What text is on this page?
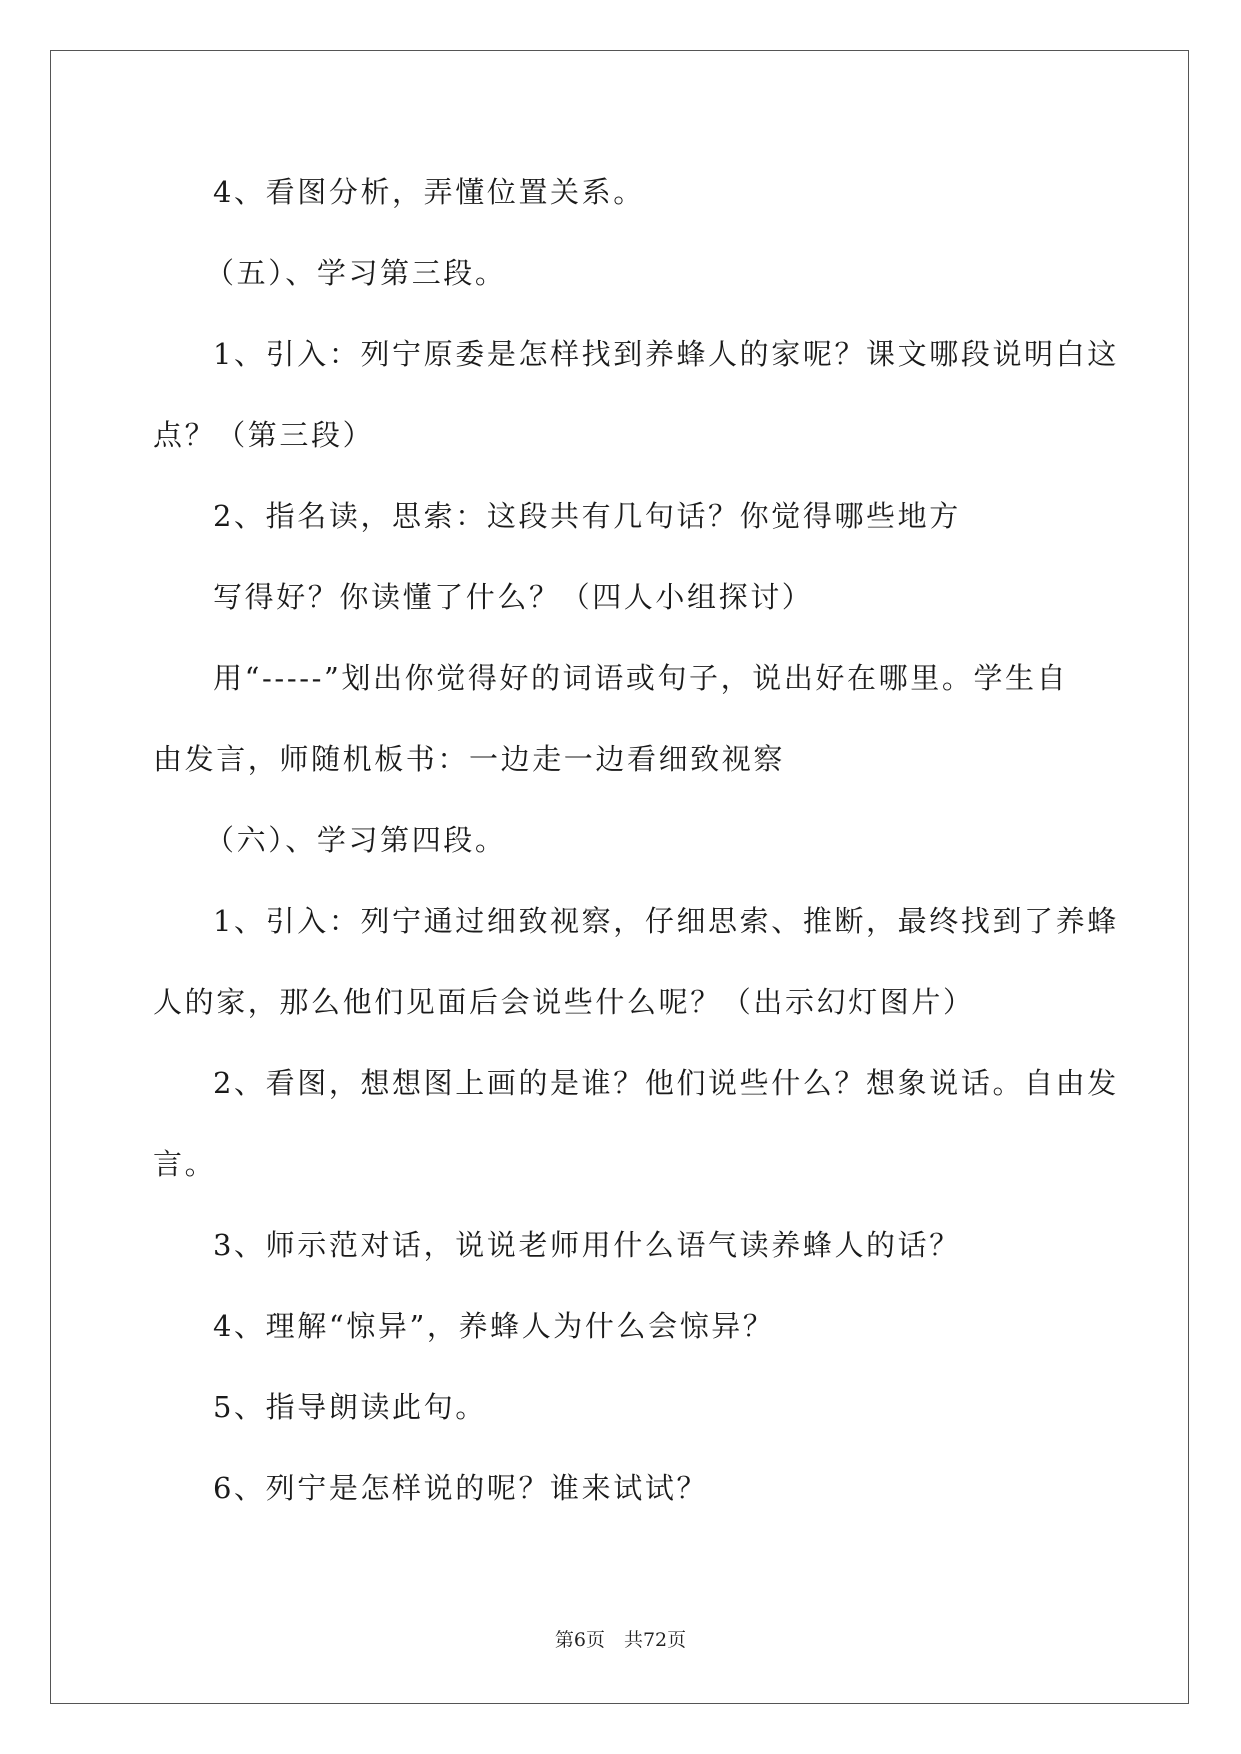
4、看图分析，弄懂位置关系。
（五）、学习第三段。
1、引入：列宁原委是怎样找到养蜂人的家呢？课文哪段说明白这
点？（第三段）
2、指名读，思索：这段共有几句话？你觉得哪些地方
写得好？你读懂了什么？（四人小组探讨）
用“-----”划出你觉得好的词语或句子，说出好在哪里。学生自
由发言，师随机板书：一边走一边看细致视察
（六）、学习第四段。
1、引入：列宁通过细致视察，仔细思索、推断，最终找到了养蜂
人的家，那么他们见面后会说些什么呢？（出示幻灯图片）
2、看图，想想图上画的是谁？他们说些什么？想象说话。自由发
言。
3、师示范对话，说说老师用什么语气读养蜂人的话？
4、理解“惊异”，养蜂人为什么会惊异？
5、指导朗读此句。
6、列宁是怎样说的呢？谁来试试？
第6页　共72页
